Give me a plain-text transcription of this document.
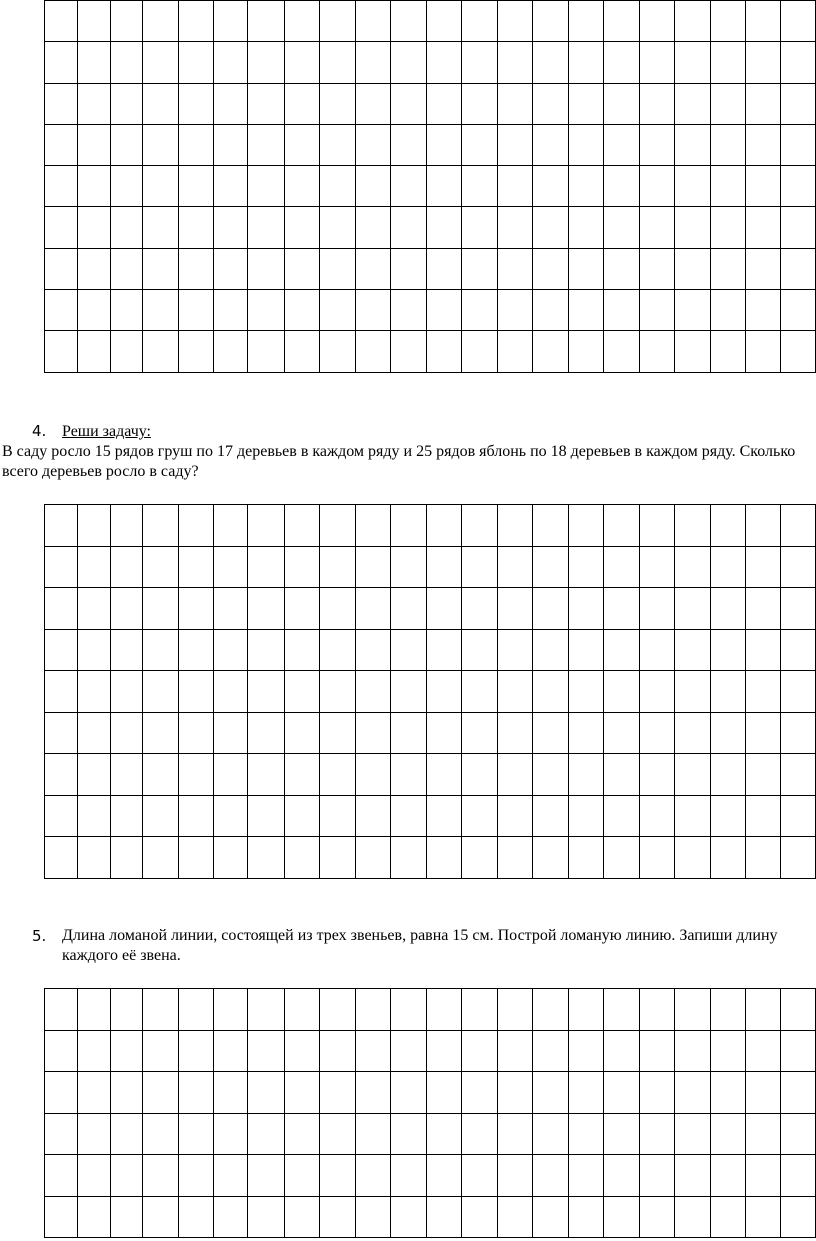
4. Реши задачу:
В саду росло 15 рядов груш по 17 деревьев в каждом ряду и 25 рядов яблонь по 18 деревьев в каждом ряду. Сколько всего деревьев росло в саду?

5. Длина ломаной линии, состоящей из трех звеньев, равна 15 см. Построй ломаную линию. Запиши длину каждого её звена.
